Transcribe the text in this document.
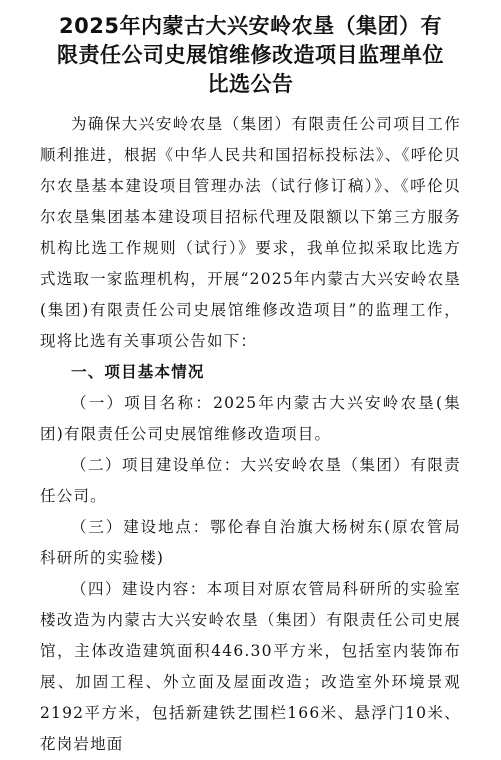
2025年内蒙古大兴安岭农垦（集团）有
限责任公司史展馆维修改造项目监理单位
比选公告

为确保大兴安岭农垦（集团）有限责任公司项目工作顺利推进，根据《中华人民共和国招标投标法》、《呼伦贝尔农垦基本建设项目管理办法（试行修订稿）》、《呼伦贝尔农垦集团基本建设项目招标代理及限额以下第三方服务机构比选工作规则（试行）》要求，我单位拟采取比选方式选取一家监理机构，开展“2025年内蒙古大兴安岭农垦(集团)有限责任公司史展馆维修改造项目”的监理工作，现将比选有关事项公告如下：

一、项目基本情况

（一）项目名称：2025年内蒙古大兴安岭农垦(集团)有限责任公司史展馆维修改造项目。

（二）项目建设单位：大兴安岭农垦（集团）有限责任公司。

（三）建设地点：鄂伦春自治旗大杨树东(原农管局科研所的实验楼)

（四）建设内容：本项目对原农管局科研所的实验室楼改造为内蒙古大兴安岭农垦（集团）有限责任公司史展馆，主体改造建筑面积446.30平方米，包括室内装饰布展、加固工程、外立面及屋面改造；改造室外环境景观2192平方米，包括新建铁艺围栏166米、悬浮门10米、花岗岩地面
